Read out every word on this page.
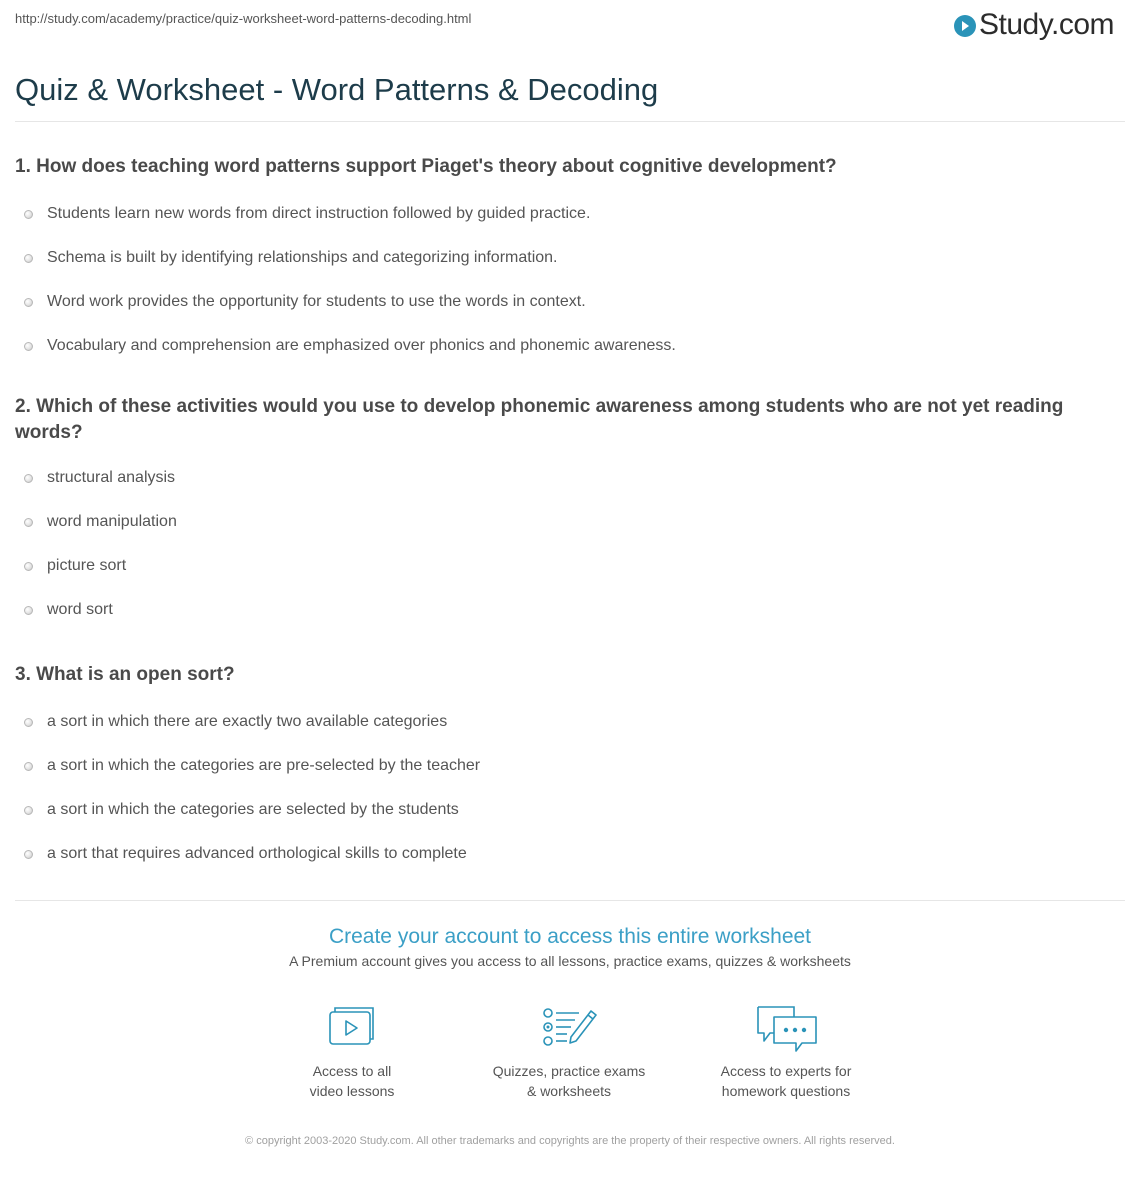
http://study.com/academy/practice/quiz-worksheet-word-patterns-decoding.html	Study.com
Quiz & Worksheet - Word Patterns & Decoding

1. How does teaching word patterns support Piaget's theory about cognitive development?

Students learn new words from direct instruction followed by guided practice.
Schema is built by identifying relationships and categorizing information.
Word work provides the opportunity for students to use the words in context.
Vocabulary and comprehension are emphasized over phonics and phonemic awareness.

2. Which of these activities would you use to develop phonemic awareness among students who are not yet reading words?

structural analysis
word manipulation
picture sort
word sort

3. What is an open sort?

a sort in which there are exactly two available categories
a sort in which the categories are pre-selected by the teacher
a sort in which the categories are selected by the students
a sort that requires advanced orthological skills to complete
Create your account to access this entire worksheet

A Premium account gives you access to all lessons, practice exams, quizzes & worksheets

Access to all
video lessons
Quizzes, practice exams
& worksheets
Access to experts for
homework questions
© copyright 2003-2020 Study.com. All other trademarks and copyrights are the property of their respective owners. All rights reserved.
